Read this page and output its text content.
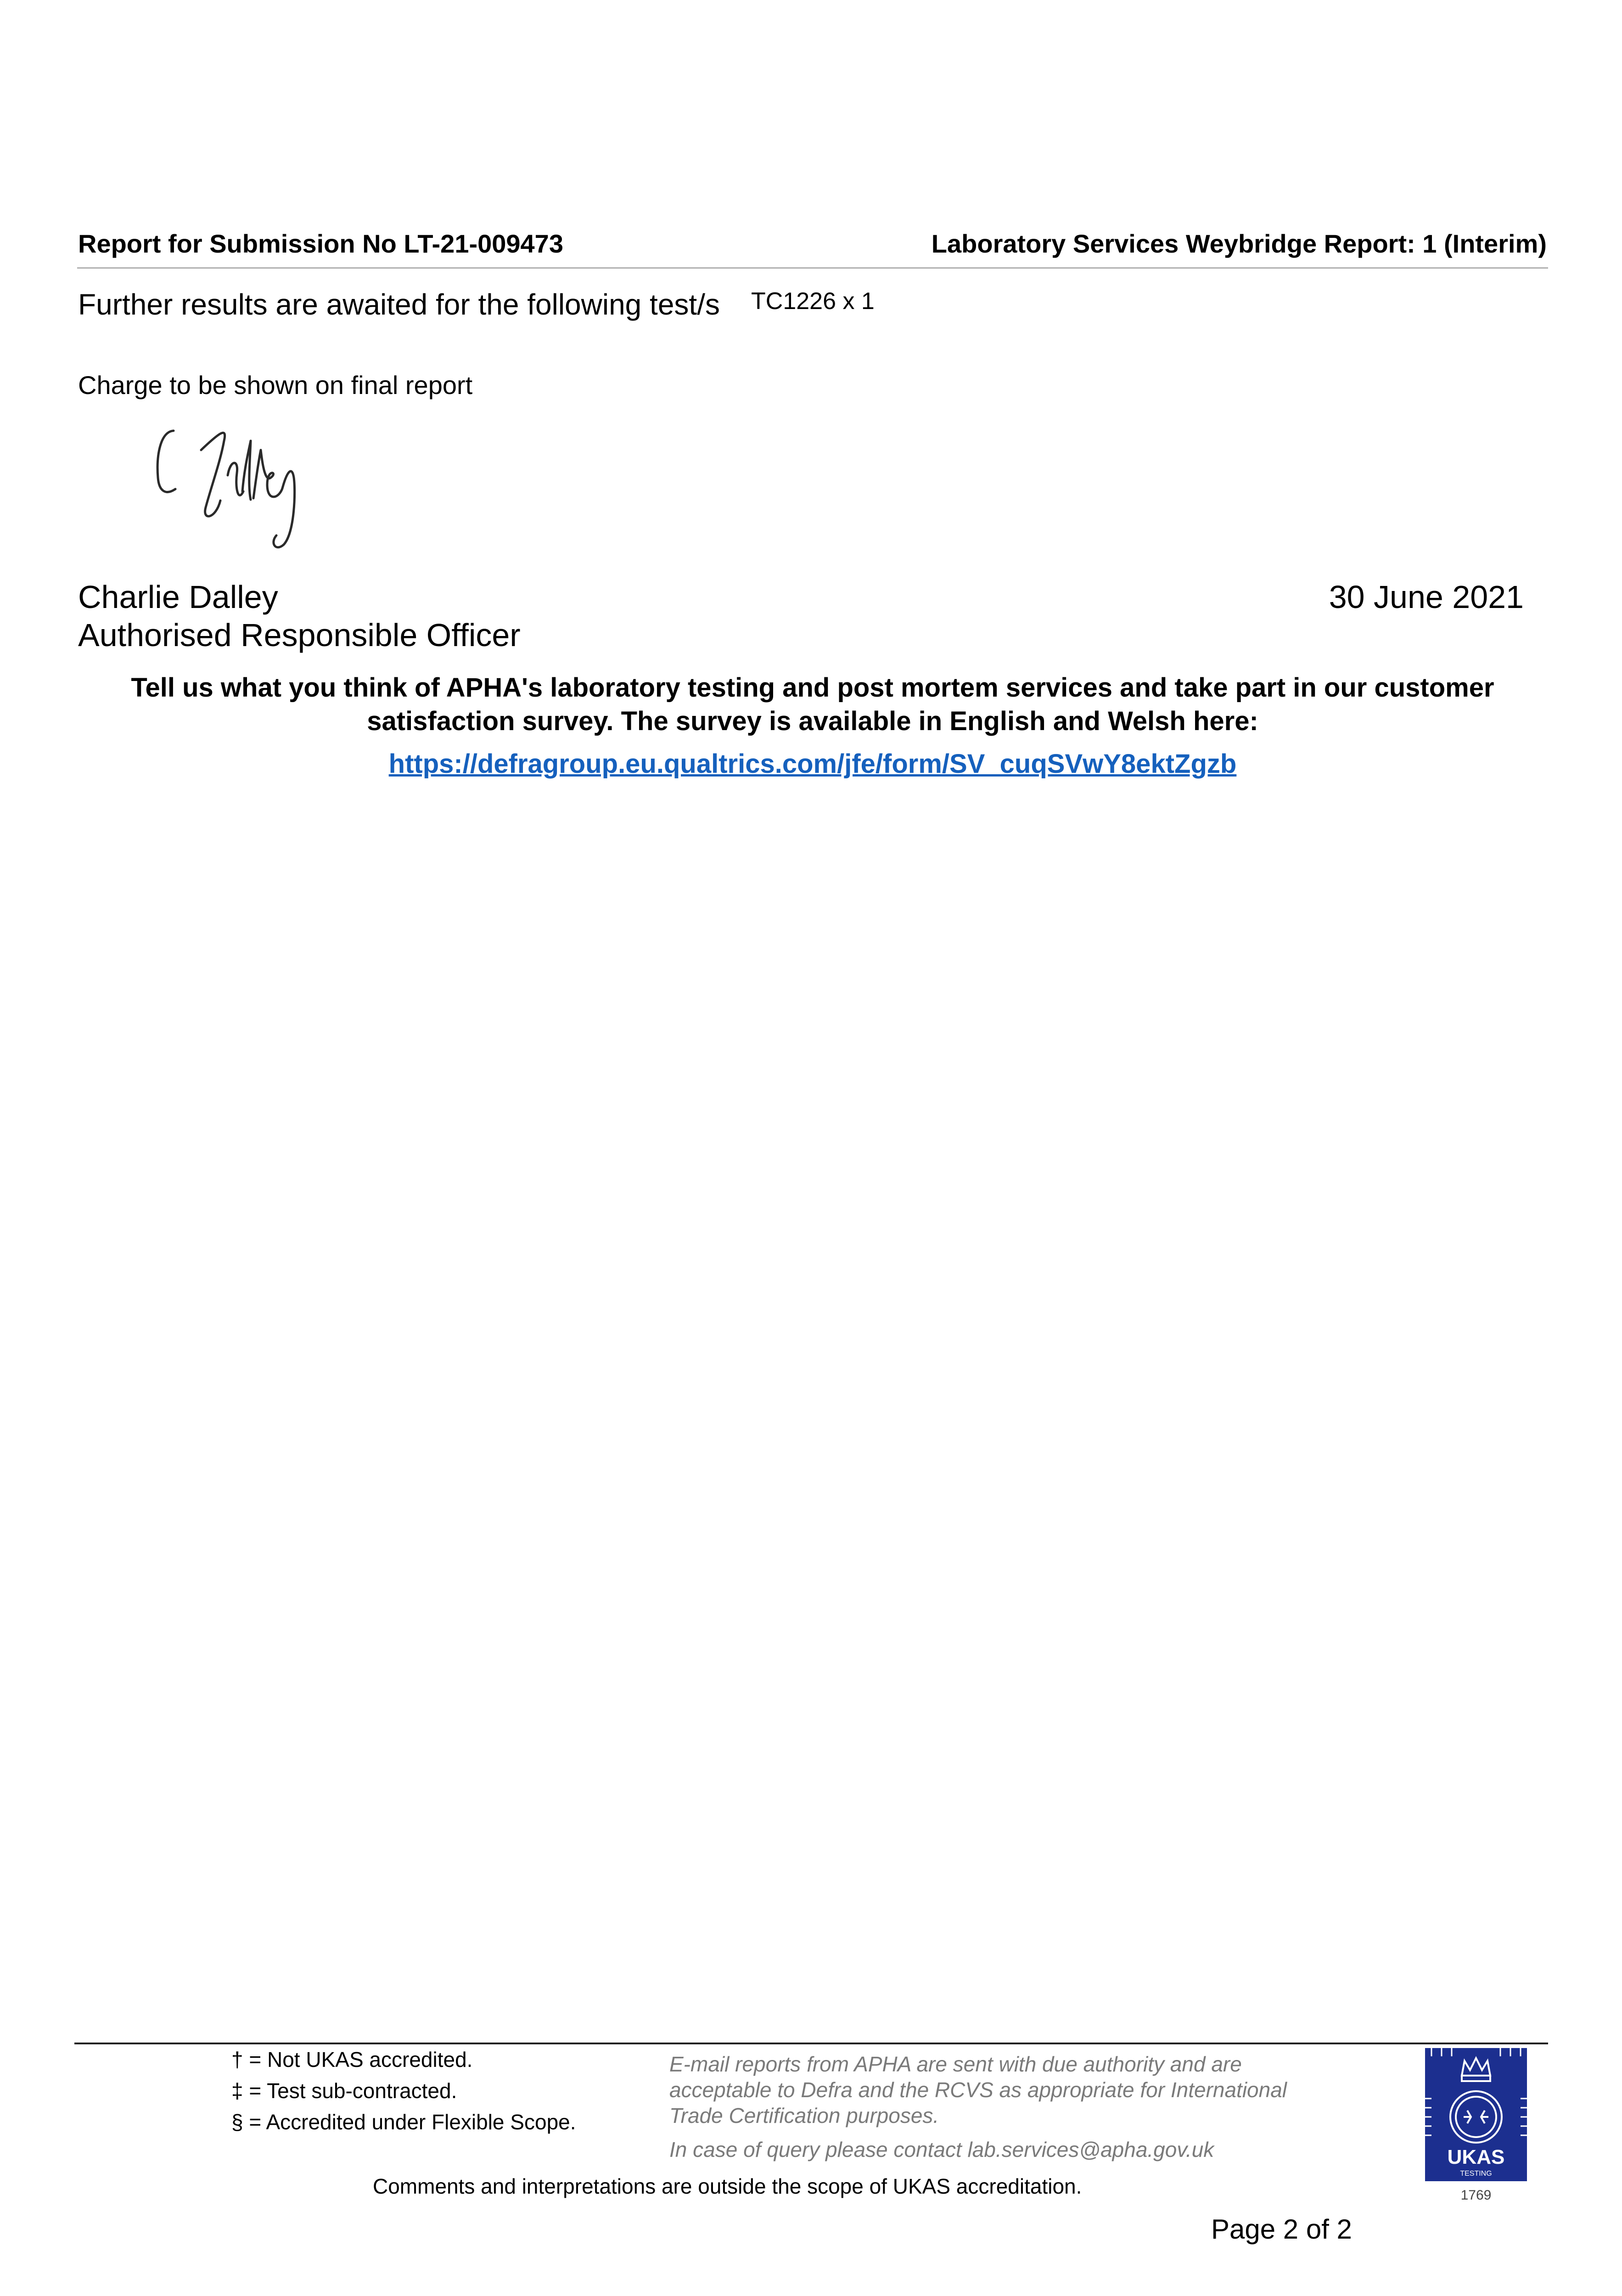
Report for Submission No LT-21-009473	Laboratory Services Weybridge Report: 1 (Interim)
Further results are awaited for the following test/s TC1226 x 1
Charge to be shown on final report
Charlie Dalley
Authorised Responsible Officer
30 June 2021
Tell us what you think of APHA's laboratory testing and post mortem services and take part in our customer
satisfaction survey. The survey is available in English and Welsh here:
https://defragroup.eu.qualtrics.com/jfe/form/SV_cuqSVwY8ektZgzb
† = Not UKAS accredited.
‡ = Test sub-contracted.
§ = Accredited under Flexible Scope.
E-mail reports from APHA are sent with due authority and are
acceptable to Defra and the RCVS as appropriate for International
Trade Certification purposes.
In case of query please contact lab.services@apha.gov.uk
Comments and interpretations are outside the scope of UKAS accreditation.
Page 2 of 2
UKAS
TESTING
1769
